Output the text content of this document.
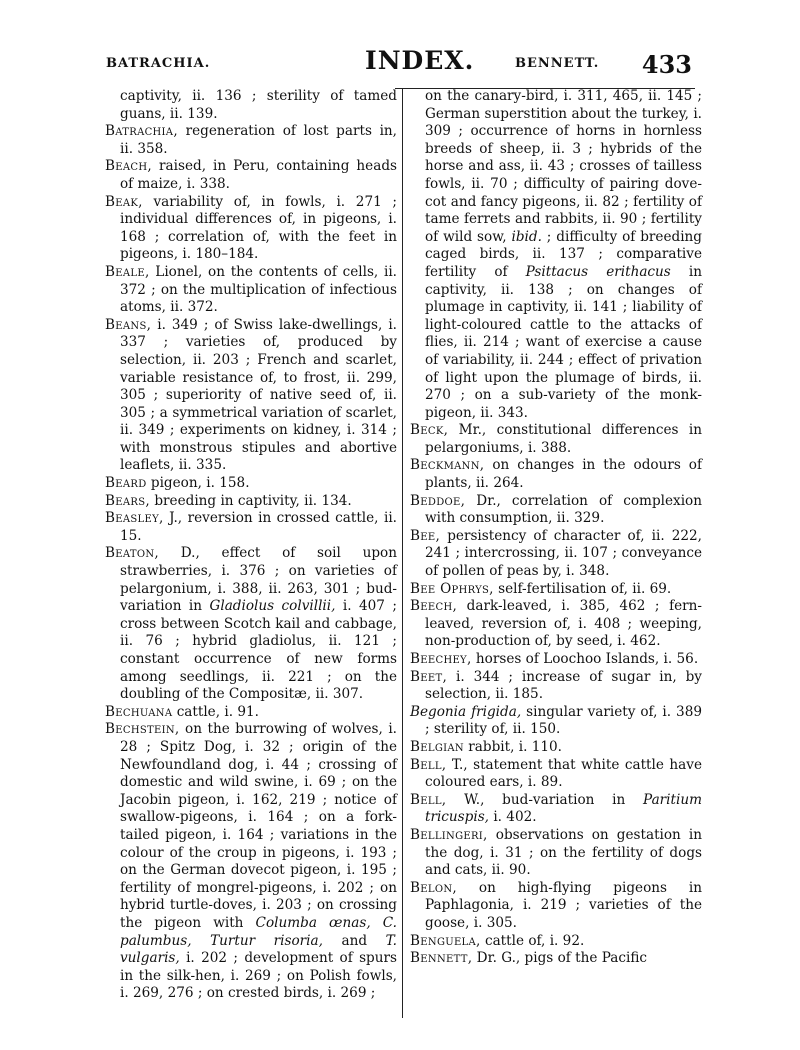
BATRACHIA.	INDEX.	BENNETT. 433

captivity, ii. 136 ; sterility of tamed guans, ii. 139.

Batrachia, regeneration of lost parts in, ii. 358.

Beach, raised, in Peru, containing heads of maize, i. 338.

Beak, variability of, in fowls, i. 271 ; individual differences of, in pigeons, i. 168 ; correlation of, with the feet in pigeons, i. 180–184.

Beale, Lionel, on the contents of cells, ii. 372 ; on the multiplication of infectious atoms, ii. 372.

Beans, i. 349 ; of Swiss lake-dwellings, i. 337 ; varieties of, produced by selection, ii. 203 ; French and scarlet, variable resistance of, to frost, ii. 299, 305 ; superiority of native seed of, ii. 305 ; a symmetrical variation of scarlet, ii. 349 ; experiments on kidney, i. 314 ; with monstrous stipules and abortive leaflets, ii. 335.

Beard pigeon, i. 158.

Bears, breeding in captivity, ii. 134.

Beasley, J., reversion in crossed cattle, ii. 15.

Beaton, D., effect of soil upon strawberries, i. 376 ; on varieties of pelargonium, i. 388, ii. 263, 301 ; bud-variation in Gladiolus colvillii, i. 407 ; cross between Scotch kail and cabbage, ii. 76 ; hybrid gladiolus, ii. 121 ; constant occurrence of new forms among seedlings, ii. 221 ; on the doubling of the Compositæ, ii. 307.

Bechuana cattle, i. 91.

Bechstein, on the burrowing of wolves, i. 28 ; Spitz Dog, i. 32 ; origin of the Newfoundland dog, i. 44 ; crossing of domestic and wild swine, i. 69 ; on the Jacobin pigeon, i. 162, 219 ; notice of swallow-pigeons, i. 164 ; on a fork-tailed pigeon, i. 164 ; variations in the colour of the croup in pigeons, i. 193 ; on the German dovecot pigeon, i. 195 ; fertility of mongrel-pigeons, i. 202 ; on hybrid turtle-doves, i. 203 ; on crossing the pigeon with Columba œnas, C. palumbus, Turtur risoria, and T. vulgaris, i. 202 ; development of spurs in the silk-hen, i. 269 ; on Polish fowls, i. 269, 276 ; on crested birds, i. 269 ;

on the canary-bird, i. 311, 465, ii. 145 ; German superstition about the turkey, i. 309 ; occurrence of horns in hornless breeds of sheep, ii. 3 ; hybrids of the horse and ass, ii. 43 ; crosses of tailless fowls, ii. 70 ; difficulty of pairing dove-cot and fancy pigeons, ii. 82 ; fertility of tame ferrets and rabbits, ii. 90 ; fertility of wild sow, ibid. ; difficulty of breeding caged birds, ii. 137 ; comparative fertility of Psittacus erithacus in captivity, ii. 138 ; on changes of plumage in captivity, ii. 141 ; liability of light-coloured cattle to the attacks of flies, ii. 214 ; want of exercise a cause of variability, ii. 244 ; effect of privation of light upon the plumage of birds, ii. 270 ; on a sub-variety of the monk-pigeon, ii. 343.

Beck, Mr., constitutional differences in pelargoniums, i. 388.

Beckmann, on changes in the odours of plants, ii. 264.

Beddoe, Dr., correlation of complexion with consumption, ii. 329.

Bee, persistency of character of, ii. 222, 241 ; intercrossing, ii. 107 ; conveyance of pollen of peas by, i. 348.

Bee Ophrys, self-fertilisation of, ii. 69.

Beech, dark-leaved, i. 385, 462 ; fern-leaved, reversion of, i. 408 ; weeping, non-production of, by seed, i. 462.

Beechey, horses of Loochoo Islands, i. 56.

Beet, i. 344 ; increase of sugar in, by selection, ii. 185.

Begonia frigida, singular variety of, i. 389 ; sterility of, ii. 150.

Belgian rabbit, i. 110.

Bell, T., statement that white cattle have coloured ears, i. 89.

Bell, W., bud-variation in Paritium tricuspis, i. 402.

Bellingeri, observations on gestation in the dog, i. 31 ; on the fertility of dogs and cats, ii. 90.

Belon, on high-flying pigeons in Paphlagonia, i. 219 ; varieties of the goose, i. 305.

Benguela, cattle of, i. 92.

Bennett, Dr. G., pigs of the Pacific
